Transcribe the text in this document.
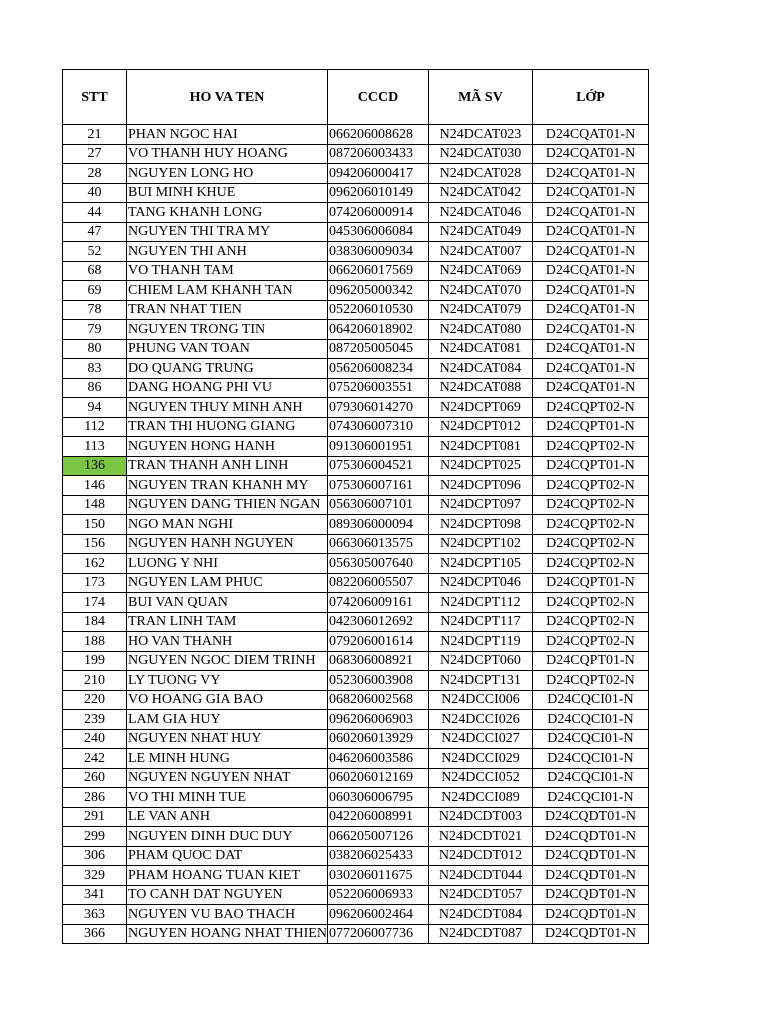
STT	HO VA TEN	CCCD	MÃ SV	LỚP
21	PHAN NGOC HAI	066206008628	N24DCAT023	D24CQAT01-N
27	VO THANH HUY HOANG	087206003433	N24DCAT030	D24CQAT01-N
28	NGUYEN LONG HO	094206000417	N24DCAT028	D24CQAT01-N
40	BUI MINH KHUE	096206010149	N24DCAT042	D24CQAT01-N
44	TANG KHANH LONG	074206000914	N24DCAT046	D24CQAT01-N
47	NGUYEN THI TRA MY	045306006084	N24DCAT049	D24CQAT01-N
52	NGUYEN THI ANH	038306009034	N24DCAT007	D24CQAT01-N
68	VO THANH TAM	066206017569	N24DCAT069	D24CQAT01-N
69	CHIEM LAM KHANH TAN	096205000342	N24DCAT070	D24CQAT01-N
78	TRAN NHAT TIEN	052206010530	N24DCAT079	D24CQAT01-N
79	NGUYEN TRONG TIN	064206018902	N24DCAT080	D24CQAT01-N
80	PHUNG VAN TOAN	087205005045	N24DCAT081	D24CQAT01-N
83	DO QUANG TRUNG	056206008234	N24DCAT084	D24CQAT01-N
86	DANG HOANG PHI VU	075206003551	N24DCAT088	D24CQAT01-N
94	NGUYEN THUY MINH ANH	079306014270	N24DCPT069	D24CQPT02-N
112	TRAN THI HUONG GIANG	074306007310	N24DCPT012	D24CQPT01-N
113	NGUYEN HONG HANH	091306001951	N24DCPT081	D24CQPT02-N
136	TRAN THANH ANH LINH	075306004521	N24DCPT025	D24CQPT01-N
146	NGUYEN TRAN KHANH MY	075306007161	N24DCPT096	D24CQPT02-N
148	NGUYEN DANG THIEN NGAN	056306007101	N24DCPT097	D24CQPT02-N
150	NGO MAN NGHI	089306000094	N24DCPT098	D24CQPT02-N
156	NGUYEN HANH NGUYEN	066306013575	N24DCPT102	D24CQPT02-N
162	LUONG Y NHI	056305007640	N24DCPT105	D24CQPT02-N
173	NGUYEN LAM PHUC	082206005507	N24DCPT046	D24CQPT01-N
174	BUI VAN QUAN	074206009161	N24DCPT112	D24CQPT02-N
184	TRAN LINH TAM	042306012692	N24DCPT117	D24CQPT02-N
188	HO VAN THANH	079206001614	N24DCPT119	D24CQPT02-N
199	NGUYEN NGOC DIEM TRINH	068306008921	N24DCPT060	D24CQPT01-N
210	LY TUONG VY	052306003908	N24DCPT131	D24CQPT02-N
220	VO HOANG GIA BAO	068206002568	N24DCCI006	D24CQCI01-N
239	LAM GIA HUY	096206006903	N24DCCI026	D24CQCI01-N
240	NGUYEN NHAT HUY	060206013929	N24DCCI027	D24CQCI01-N
242	LE MINH HUNG	046206003586	N24DCCI029	D24CQCI01-N
260	NGUYEN NGUYEN NHAT	060206012169	N24DCCI052	D24CQCI01-N
286	VO THI MINH TUE	060306006795	N24DCCI089	D24CQCI01-N
291	LE VAN ANH	042206008991	N24DCDT003	D24CQDT01-N
299	NGUYEN DINH DUC DUY	066205007126	N24DCDT021	D24CQDT01-N
306	PHAM QUOC DAT	038206025433	N24DCDT012	D24CQDT01-N
329	PHAM HOANG TUAN KIET	030206011675	N24DCDT044	D24CQDT01-N
341	TO CANH DAT NGUYEN	052206006933	N24DCDT057	D24CQDT01-N
363	NGUYEN VU BAO THACH	096206002464	N24DCDT084	D24CQDT01-N
366	NGUYEN HOANG NHAT THIEN	077206007736	N24DCDT087	D24CQDT01-N
